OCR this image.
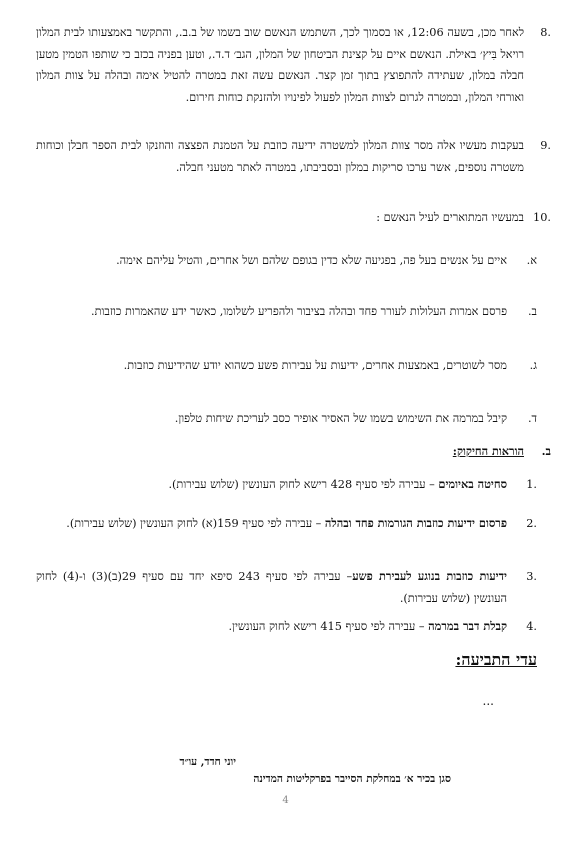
.8
לאחר מכן, בשעה 12:06, או בסמוך לכך, השתמש הנאשם שוב בשמו של ב.ב., והתקשר באמצעותו לבית המלון רויאל בִּיץ׳ באילת. הנאשם איים על קצינת הביטחון של המלון, הגב׳ ד.ד., וטען בפניה בכזב כי שותפו הטמין מטען חבלה במלון, שעתידה להתפוצץ בתוך זמן קצר. הנאשם עשה זאת במטרה להטיל אימה ובהלה על צוות המלון ואורחי המלון, ובמטרה לגרום לצוות המלון לפעול לפינויו ולהזנקת כוחות חירום.
.9
בעקבות מעשיו אלה מסר צוות המלון למשטרה ידיעה כוזבת על הטמנת הפצצה והוזנקו לבית הספר חבלן וכוחות משטרה נוספים, אשר ערכו סריקות במלון ובסביבתו, במטרה לאתר מטעני חבלה.
.10
במעשיו המתוארים לעיל הנאשם :
א.
איים על אנשים בעל פה, בפגיעה שלא כדין בגופם שלהם ושל אחרים, והטיל עליהם אימה.
ב.
פרסם אמרות העלולות לעורר פחד ובהלה בציבור ולהפריע לשלומו, כאשר ידע שהאמרות כוזבות.
ג.
מסר לשוטרים, באמצעות אחרים, ידיעות על עבירות פשע כשהוא יודע שהידיעות כוזבות.
ד.
קיבל במרמה את השימוש בשמו של האסיר אופיר כסב לעריכת שיחות טלפון.
ב.
הוראות החיקוק:
.1
סחיטה באיומים – עבירה לפי סעיף 428 רישא לחוק העונשין (שלוש עבירות).
.2
פרסום ידיעות כוזבות הגורמות פחד ובהלה – עבירה לפי סעיף 159(א) לחוק העונשין (שלוש עבירות).
.3
ידיעות כוזבות בנוגע לעבירת פשע– עבירה לפי סעיף 243 סיפא יחד עם סעיף 29(ב)(3) ו-(4) לחוק העונשין (שלוש עבירות).
.4
קבלת דבר במרמה – עבירה לפי סעיף 415 רישא לחוק העונשין.
עדי התביעה:
...
יוני חדד, עו״ד
סגן בכיר א׳ במחלקת הסייבר בפרקליטות המדינה
4
